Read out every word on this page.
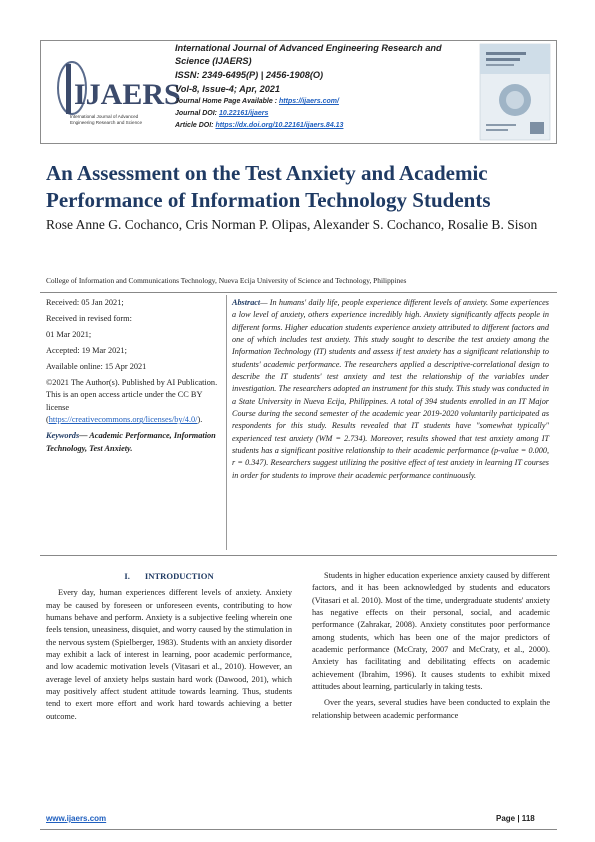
IJAERS
International Journal of Advanced
Engineering Research and Science
International Journal of Advanced Engineering Research and
Science (IJAERS)
ISSN: 2349-6495(P) | 2456-1908(O)
Vol-8, Issue-4; Apr, 2021
Journal Home Page Available : https://ijaers.com/
Journal DOI: 10.22161/ijaers
Article DOI: https://dx.doi.org/10.22161/ijaers.84.13
An Assessment on the Test Anxiety and Academic Performance of Information Technology Students
Rose Anne G. Cochanco, Cris Norman P. Olipas, Alexander S. Cochanco, Rosalie B. Sison
College of Information and Communications Technology, Nueva Ecija University of Science and Technology, Philippines

Received: 05 Jan 2021;

Received in revised form:

01 Mar 2021;

Accepted: 19 Mar 2021;

Available online: 15 Apr 2021

©2021 The Author(s). Published by AI Publication. This is an open access article under the CC BY license
(https://creativecommons.org/licenses/by/4.0/).

Keywords— Academic Performance, Information Technology, Test Anxiety.

Abstract— In humans' daily life, people experience different levels of anxiety. Some experiences a low level of anxiety, others experience incredibly high. Anxiety significantly affects people in different forms. Higher education students experience anxiety attributed to different factors and one of which includes test anxiety. This study sought to describe the test anxiety among the Information Technology (IT) students and assess if test anxiety has a significant relationship to students' academic performance. The researchers applied a descriptive-correlational design to describe the IT students' test anxiety and test the relationship of the variables under investigation. The researchers adopted an instrument for this study. This study was conducted in a State University in Nueva Ecija, Philippines. A total of 394 students enrolled in an IT Major Course during the second semester of the academic year 2019-2020 voluntarily participated as respondents for this study. Results revealed that IT students have "somewhat typically" experienced test anxiety (WM = 2.734). Moreover, results showed that test anxiety among IT students has a significant positive relationship to their academic performance (p-value = 0.000, r = 0.347). Researchers suggest utilizing the positive effect of test anxiety in learning IT courses in order for students to improve their academic performance continuously.
I. INTRODUCTION

Every day, human experiences different levels of anxiety. Anxiety may be caused by foreseen or unforeseen events, contributing to how humans behave and perform. Anxiety is a subjective feeling wherein one feels tension, uneasiness, disquiet, and worry caused by the stimulation in the nervous system (Spielberger, 1983). Students with an anxiety disorder may exhibit a lack of interest in learning, poor academic performance, and low academic motivation levels (Vitasari et al., 2010). However, an average level of anxiety helps sustain hard work (Dawood, 201), which may positively affect student attitude towards learning. Thus, students tend to exert more effort and work hard towards achieving a better outcome.

Students in higher education experience anxiety caused by different factors, and it has been acknowledged by students and educators (Vitasari et al. 2010). Most of the time, undergraduate students' anxiety has negative effects on their personal, social, and academic performance (Zahrakar, 2008). Anxiety constitutes poor performance among students, which has been one of the major predictors of academic performance (McCraty, 2007 and McCraty, et al., 2000). Anxiety has facilitating and debilitating effects on academic achievement (Ibrahim, 1996). It causes students to exhibit mixed attitudes about learning, particularly in taking tests.

Over the years, several studies have been conducted to explain the relationship between academic performance

www.ijaers.com	Page | 118
